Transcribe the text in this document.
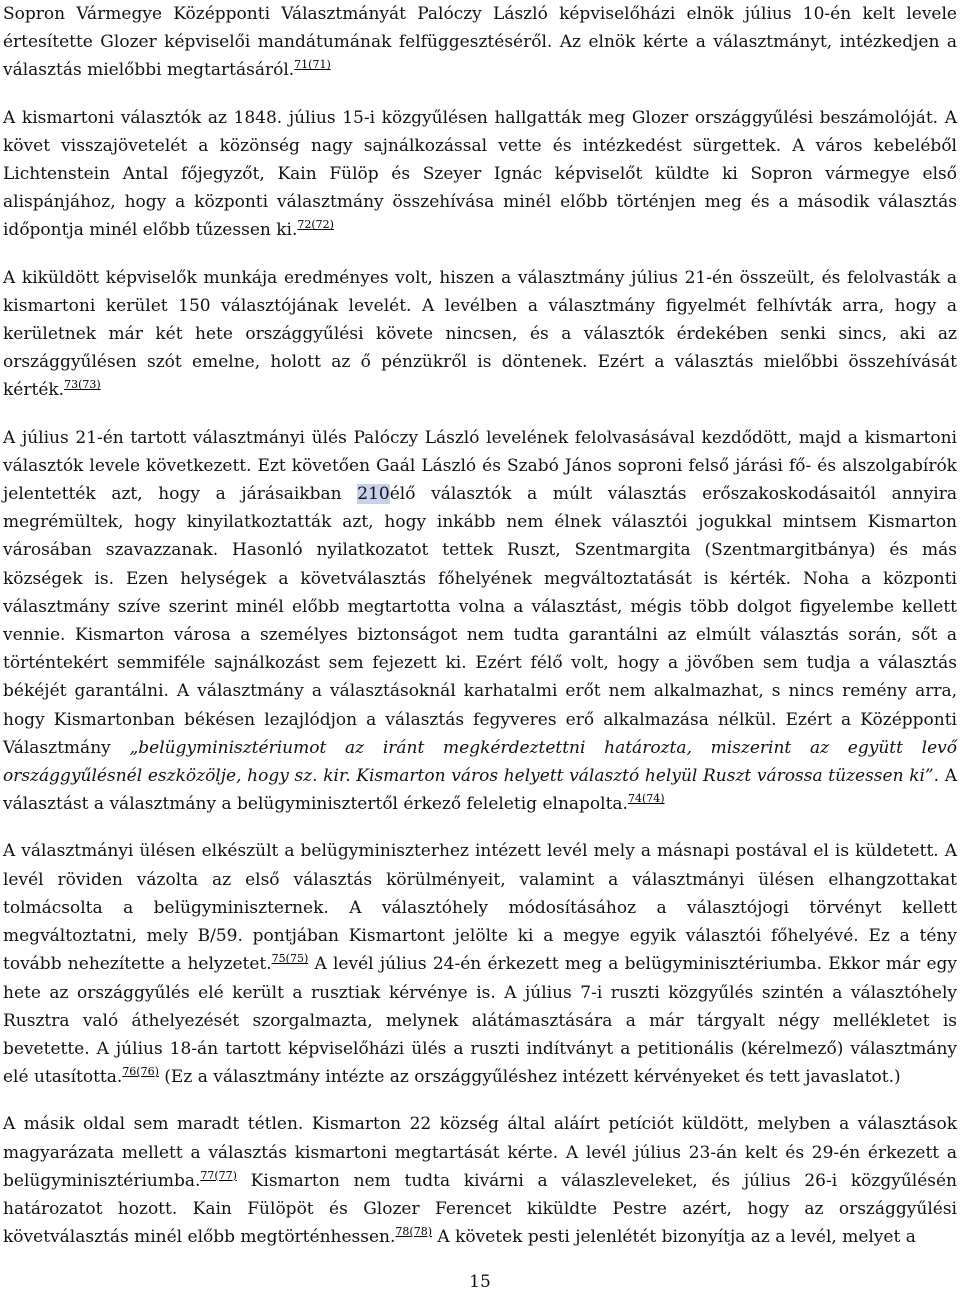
Sopron Vármegye Középponti Választmányát Palóczy László képviselőházi elnök július 10-én kelt levele értesítette Glozer képviselői mandátumának felfüggesztéséről. Az elnök kérte a választmányt, intézkedjen a választás mielőbbi megtartásáról.$^{71(71)}$

A kismartoni választók az 1848. július 15-i közgyűlésen hallgatták meg Glozer országgyűlési beszámolóját. A követ visszajövetelét a közönség nagy sajnálkozással vette és intézkedést sürgettek. A város kebeléből Lichtenstein Antal főjegyzőt, Kain Fülöp és Szeyer Ignác képviselőt küldte ki Sopron vármegye első alispánjához, hogy a központi választmány összehívása minél előbb történjen meg és a második választás időpontja minél előbb tűzessen ki.$^{72(72)}$

A kiküldött képviselők munkája eredményes volt, hiszen a választmány július 21-én összeült, és felolvasták a kismartoni kerület 150 választójának levelét. A levélben a választmány figyelmét felhívták arra, hogy a kerületnek már két hete országgyűlési követe nincsen, és a választók érdekében senki sincs, aki az országgyűlésen szót emelne, holott az ő pénzükről is döntenek. Ezért a választás mielőbbi összehívását kérték.$^{73(73)}$

A július 21-én tartott választmányi ülés Palóczy László levelének felolvasásával kezdődött, majd a kismartoni választók levele következett. Ezt követően Gaál László és Szabó János soproni felső járási fő- és alszolgabírók jelentették azt, hogy a járásaikban 210élő választók a múlt választás erőszakoskodásaitól annyira megrémültek, hogy kinyilatkoztatták azt, hogy inkább nem élnek választói jogukkal mintsem Kismarton városában szavazzanak. Hasonló nyilatkozatot tettek Ruszt, Szentmargita (Szentmargitbánya) és más községek is. Ezen helységek a követválasztás főhelyének megváltoztatását is kérték. Noha a központi választmány szíve szerint minél előbb megtartotta volna a választást, mégis több dolgot figyelembe kellett vennie. Kismarton városa a személyes biztonságot nem tudta garantálni az elmúlt választás során, sőt a történtekért semmiféle sajnálkozást sem fejezett ki. Ezért félő volt, hogy a jövőben sem tudja a választás békéjét garantálni. A választmány a választásoknál karhatalmi erőt nem alkalmazhat, s nincs remény arra, hogy Kismartonban békésen lezajlódjon a választás fegyveres erő alkalmazása nélkül. Ezért a Középponti Választmány „belügyminisztériumot az iránt megkérdeztettni határozta, miszerint az együtt levő országgyűlésnél eszközölje, hogy sz. kir. Kismarton város helyett választó helyül Ruszt várossa tüzessen ki”. A választást a választmány a belügyminisztertől érkező feleletig elnapolta.$^{74(74)}$

A választmányi ülésen elkészült a belügyminiszterhez intézett levél mely a másnapi postával el is küldetett. A levél röviden vázolta az első választás körülményeit, valamint a választmányi ülésen elhangzottakat tolmácsolta a belügyminiszternek. A választóhely módosításához a választójogi törvényt kellett megváltoztatni, mely B/59. pontjában Kismartont jelölte ki a megye egyik választói főhelyévé. Ez a tény tovább nehezítette a helyzetet.$^{75(75)}$ A levél július 24-én érkezett meg a belügyminisztériumba. Ekkor már egy hete az országgyűlés elé került a rusztiak kérvénye is. A július 7-i ruszti közgyűlés szintén a választóhely Rusztra való áthelyezését szorgalmazta, melynek alátámasztására a már tárgyalt négy mellékletet is bevetette. A július 18-án tartott képviselőházi ülés a ruszti indítványt a petitionális (kérelmező) választmány elé utasította.$^{76(76)}$ (Ez a választmány intézte az országgyűléshez intézett kérvényeket és tett javaslatot.)

A másik oldal sem maradt tétlen. Kismarton 22 község által aláírt petíciót küldött, melyben a választások magyarázata mellett a választás kismartoni megtartását kérte. A levél július 23-án kelt és 29-én érkezett a belügyminisztériumba.$^{77(77)}$ Kismarton nem tudta kivárni a válaszleveleket, és július 26-i közgyűlésén határozatot hozott. Kain Fülöpöt és Glozer Ferencet kiküldte Pestre azért, hogy az országgyűlési követválasztás minél előbb megtörténhessen.$^{78(78)}$ A követek pesti jelenlétét bizonyítja az a levél, melyet a

15
